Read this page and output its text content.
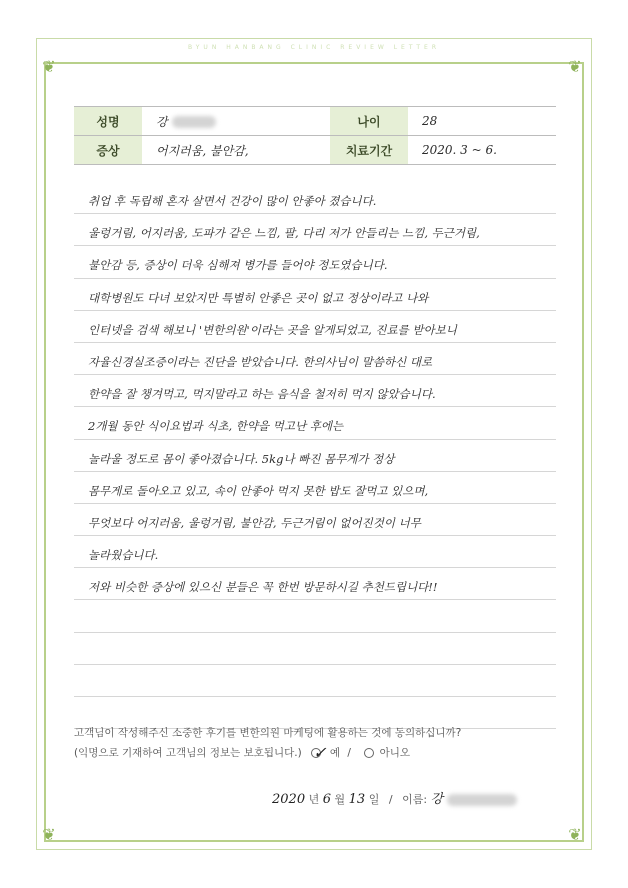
BYUN HANBANG CLINIC REVIEW LETTER
❦	❦
❦	❦
성명	강	나이	28
증상	어지러움, 불안감,	치료기간	2020. 3 ~ 6.
취업 후 독립해 혼자 살면서 건강이 많이 안좋아 졌습니다.
울렁거림, 어지러움, 도파가 같은 느낌, 팔, 다리 저가 안들리는 느낌, 두근거림,
불안감 등, 증상이 더욱 심해져 병가를 들어야 정도였습니다.
대학병원도 다녀 보았지만 특별히 안좋은 곳이 없고 정상이라고 나와
인터넷을 검색 해보니 '변한의원'이라는 곳을 알게되었고, 진료를 받아보니
자율신경실조증이라는 진단을 받았습니다. 한의사님이 말씀하신 대로
한약을 잘 챙겨먹고, 먹지말라고 하는 음식을 철저히 먹지 않았습니다.
2개월 동안 식이요법과 식초, 한약을 먹고난 후에는
놀라울 정도로 몸이 좋아졌습니다. 5kg나 빠진 몸무게가 정상
몸무게로 돌아오고 있고, 속이 안좋아 먹지 못한 밥도 잘먹고 있으며,
무엇보다 어지러움, 울렁거림, 불안감, 두근거림이 없어진것이 너무
놀라웠습니다.
저와 비슷한 증상에 있으신 분들은 꼭 한번 방문하시길 추천드립니다!!
고객님이 작성해주신 소중한 후기를 변한의원 마케팅에 활용하는 것에 동의하십니까?
(익명으로 기재하여 고객님의 정보는 보호됩니다.) ✓ 예 /	아니오
2020 년 6 월 13 일 / 이름: 강
